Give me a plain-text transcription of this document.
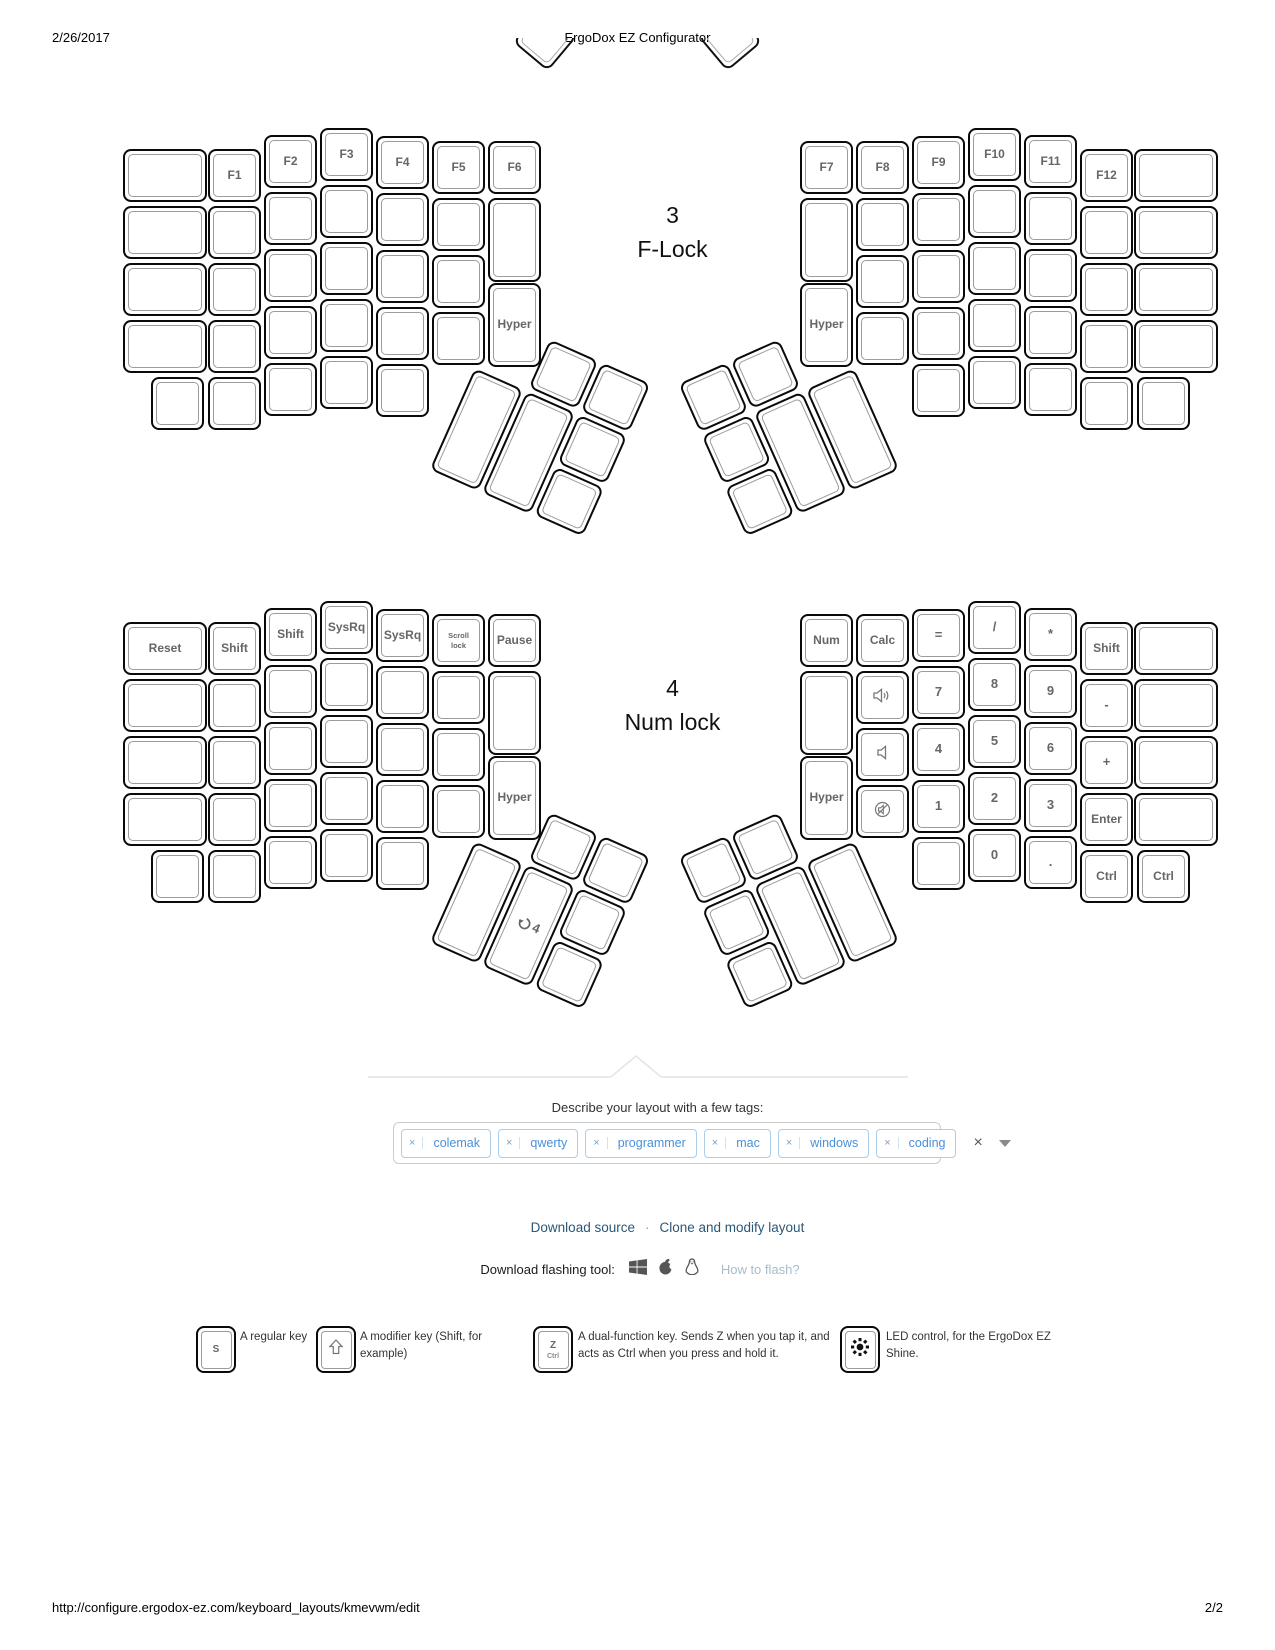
2/26/2017	ErgoDox EZ Configurator
F1
F2	F3
F4	F5	F6
Hyper
F7
Hyper
F8	F9
F10	F11
F12
3
F-Lock
Reset	Shift
Shift SysRq
SysRq	Scroll lock	Pause
Hyper
Num
Hyper
Calc	=
7
4
1
/
8
5
2
*
9
6
3
Shift
-
+
Enter
0	.
Ctrl	Ctrl
4
4
Num lock
Describe your layout with a few tags:
×	colemak	×	qwerty	×	programmer	×	mac	×	windows	×	coding	×
Download source · Clone and modify layout
Download flashing tool:	How to flash?
S
A regular key	A modifier key (Shift, for example)
Z
Ctrl
A dual-function key. Sends Z when you tap it, and acts as Ctrl when you press and hold it.
LED control, for the ErgoDox EZ Shine.
http://configure.ergodox-ez.com/keyboard_layouts/kmevwm/edit	2/2
